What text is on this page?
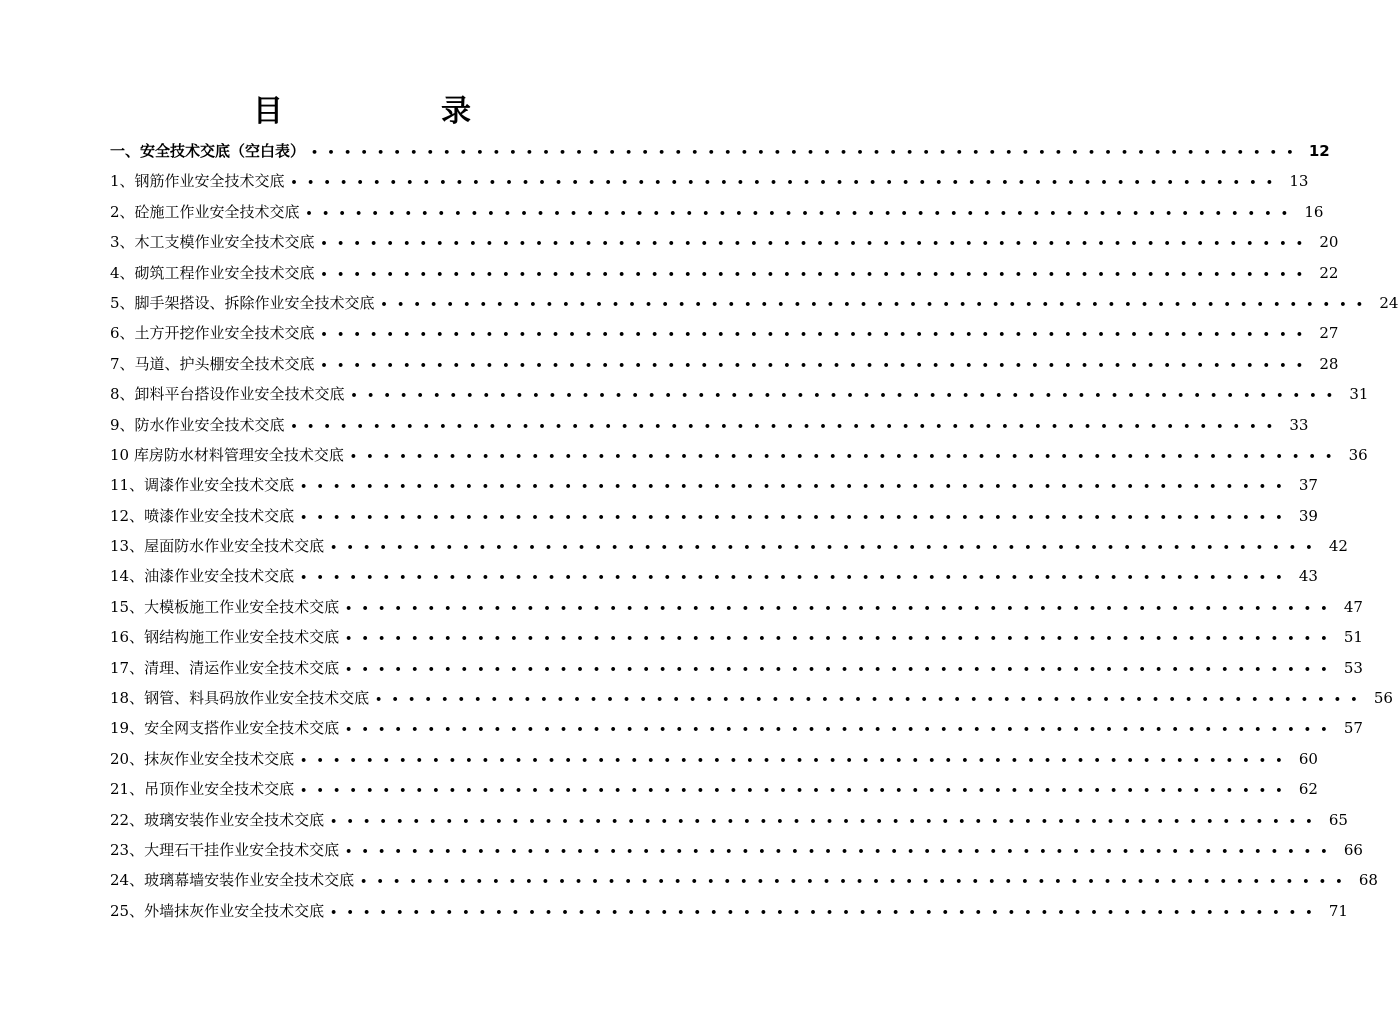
目　录
一、安全技术交底（空白表） •••••••••••••••••••••••••••••••••••••••••••••••••••••••••••• 12
1、钢筋作业安全技术交底 •••••••••••••••••••••••••••••••••••••••••••••••••••••••••••• 13
2、砼施工作业安全技术交底 •••••••••••••••••••••••••••••••••••••••••••••••••••••••••••• 16
3、木工支模作业安全技术交底 •••••••••••••••••••••••••••••••••••••••••••••••••••••••••••• 20
4、砌筑工程作业安全技术交底 •••••••••••••••••••••••••••••••••••••••••••••••••••••••••••• 22
5、脚手架搭设、拆除作业安全技术交底 •••••••••••••••••••••••••••••••••••••••••••••••••••••••••••• 24
6、土方开挖作业安全技术交底 •••••••••••••••••••••••••••••••••••••••••••••••••••••••••••• 27
7、马道、护头棚安全技术交底 •••••••••••••••••••••••••••••••••••••••••••••••••••••••••••• 28
8、卸料平台搭设作业安全技术交底 •••••••••••••••••••••••••••••••••••••••••••••••••••••••••••• 31
9、防水作业安全技术交底 •••••••••••••••••••••••••••••••••••••••••••••••••••••••••••• 33
10 库房防水材料管理安全技术交底 •••••••••••••••••••••••••••••••••••••••••••••••••••••••••••• 36
11、调漆作业安全技术交底 •••••••••••••••••••••••••••••••••••••••••••••••••••••••••••• 37
12、喷漆作业安全技术交底 •••••••••••••••••••••••••••••••••••••••••••••••••••••••••••• 39
13、屋面防水作业安全技术交底 •••••••••••••••••••••••••••••••••••••••••••••••••••••••••••• 42
14、油漆作业安全技术交底 •••••••••••••••••••••••••••••••••••••••••••••••••••••••••••• 43
15、大模板施工作业安全技术交底 •••••••••••••••••••••••••••••••••••••••••••••••••••••••••••• 47
16、钢结构施工作业安全技术交底 •••••••••••••••••••••••••••••••••••••••••••••••••••••••••••• 51
17、清理、清运作业安全技术交底 •••••••••••••••••••••••••••••••••••••••••••••••••••••••••••• 53
18、钢管、料具码放作业安全技术交底 •••••••••••••••••••••••••••••••••••••••••••••••••••••••••••• 56
19、安全网支搭作业安全技术交底 •••••••••••••••••••••••••••••••••••••••••••••••••••••••••••• 57
20、抹灰作业安全技术交底 •••••••••••••••••••••••••••••••••••••••••••••••••••••••••••• 60
21、吊顶作业安全技术交底 •••••••••••••••••••••••••••••••••••••••••••••••••••••••••••• 62
22、玻璃安装作业安全技术交底 •••••••••••••••••••••••••••••••••••••••••••••••••••••••••••• 65
23、大理石干挂作业安全技术交底 •••••••••••••••••••••••••••••••••••••••••••••••••••••••••••• 66
24、玻璃幕墙安装作业安全技术交底 •••••••••••••••••••••••••••••••••••••••••••••••••••••••••••• 68
25、外墙抹灰作业安全技术交底 •••••••••••••••••••••••••••••••••••••••••••••••••••••••••••• 71
